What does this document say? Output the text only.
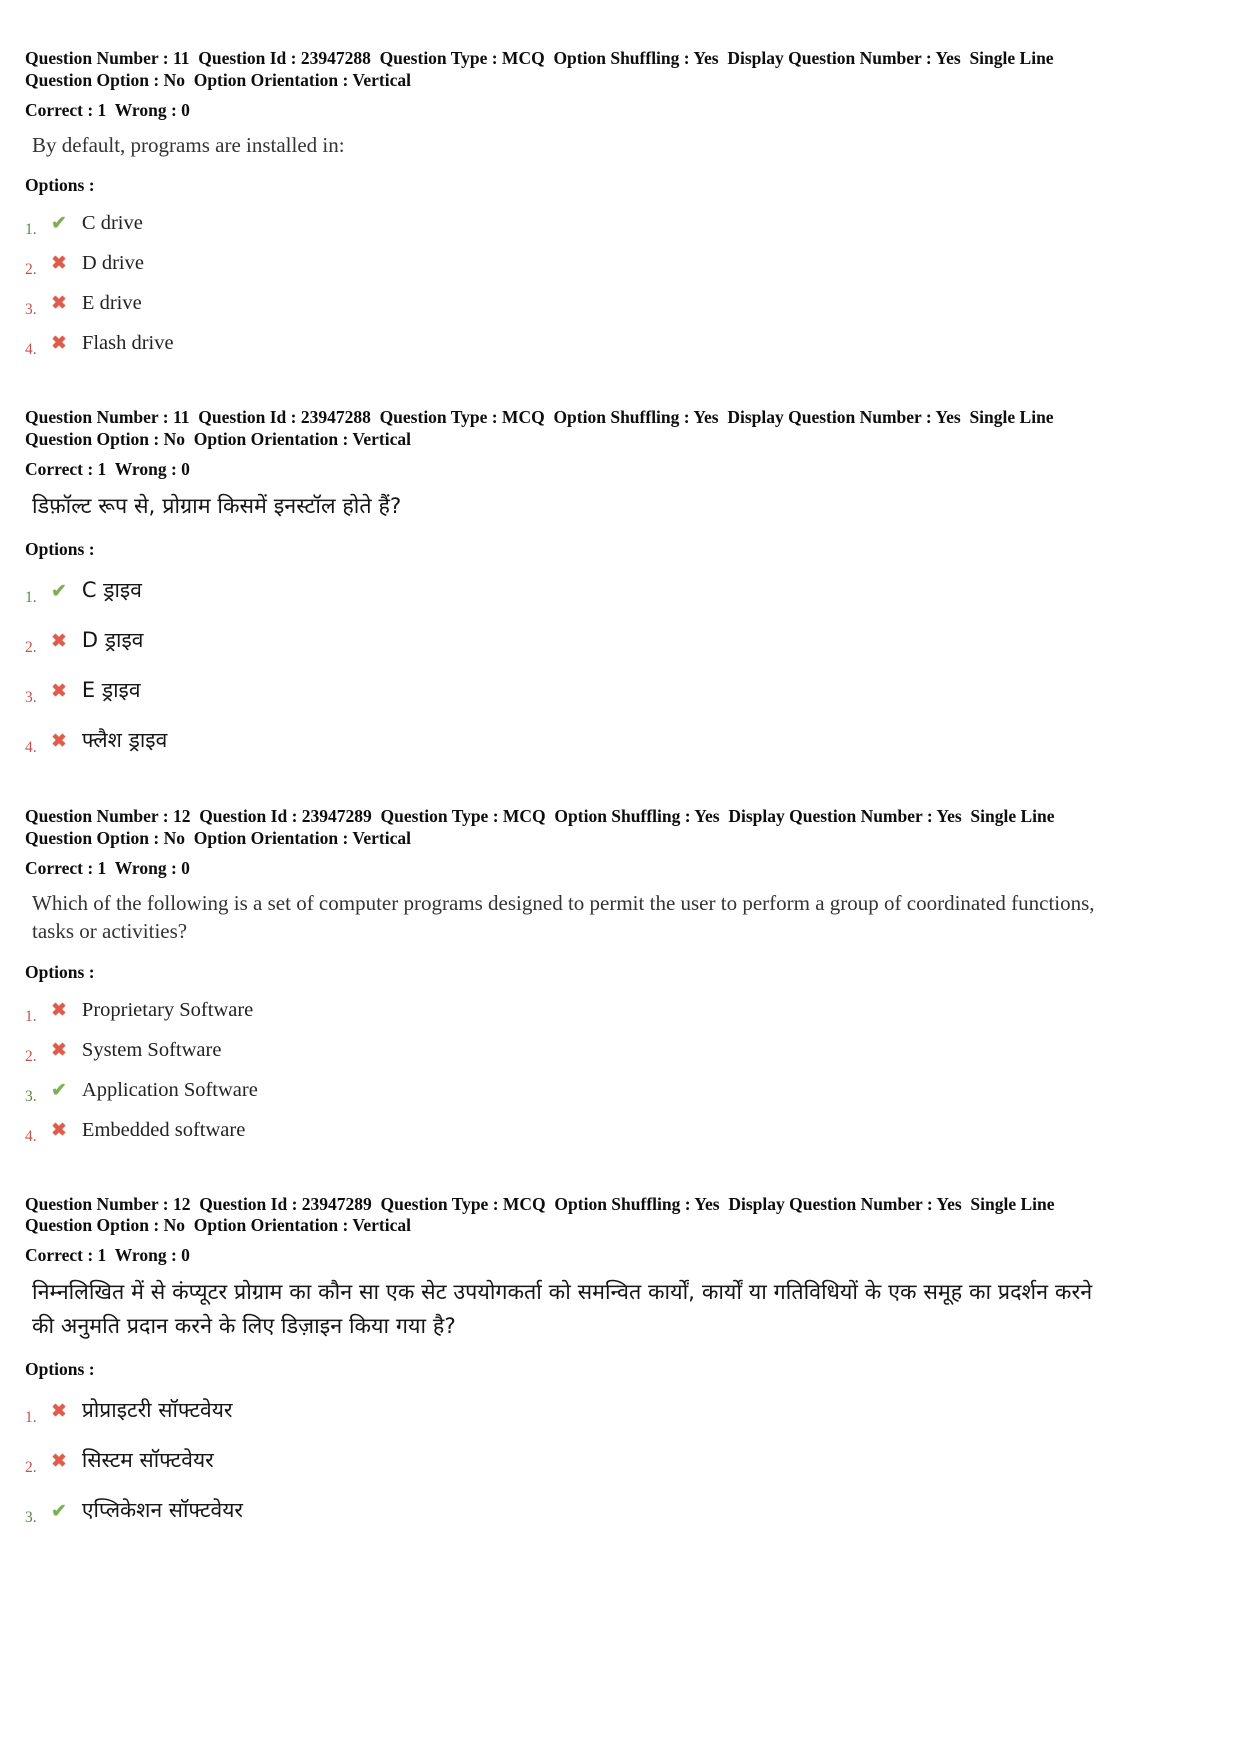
Question Number : 11  Question Id : 23947288  Question Type : MCQ  Option Shuffling : Yes  Display Question Number : Yes  Single Line Question Option : No  Option Orientation : Vertical

Correct : 1  Wrong : 0

By default, programs are installed in:

Options :

1. ✔ C drive
2. ✖ D drive
3. ✖ E drive
4. ✖ Flash drive

Question Number : 11  Question Id : 23947288  Question Type : MCQ  Option Shuffling : Yes  Display Question Number : Yes  Single Line Question Option : No  Option Orientation : Vertical

Correct : 1  Wrong : 0

डिफ़ॉल्ट रूप से, प्रोग्राम किसमें इनस्टॉल होते हैं?

Options :

1. ✔ C ड्राइव
2. ✖ D ड्राइव
3. ✖ E ड्राइव
4. ✖ फ्लैश ड्राइव

Question Number : 12  Question Id : 23947289  Question Type : MCQ  Option Shuffling : Yes  Display Question Number : Yes  Single Line Question Option : No  Option Orientation : Vertical

Correct : 1  Wrong : 0

Which of the following is a set of computer programs designed to permit the user to perform a group of coordinated functions, tasks or activities?

Options :

1. ✖ Proprietary Software
2. ✖ System Software
3. ✔ Application Software
4. ✖ Embedded software

Question Number : 12  Question Id : 23947289  Question Type : MCQ  Option Shuffling : Yes  Display Question Number : Yes  Single Line Question Option : No  Option Orientation : Vertical

Correct : 1  Wrong : 0

निम्नलिखित में से कंप्यूटर प्रोग्राम का कौन सा एक सेट उपयोगकर्ता को समन्वित कार्यों, कार्यों या गतिविधियों के एक समूह का प्रदर्शन करने की अनुमति प्रदान करने के लिए डिज़ाइन किया गया है?

Options :

1. ✖ प्रोप्राइटरी सॉफ्टवेयर
2. ✖ सिस्टम सॉफ्टवेयर
3. ✔ एप्लिकेशन सॉफ्टवेयर
